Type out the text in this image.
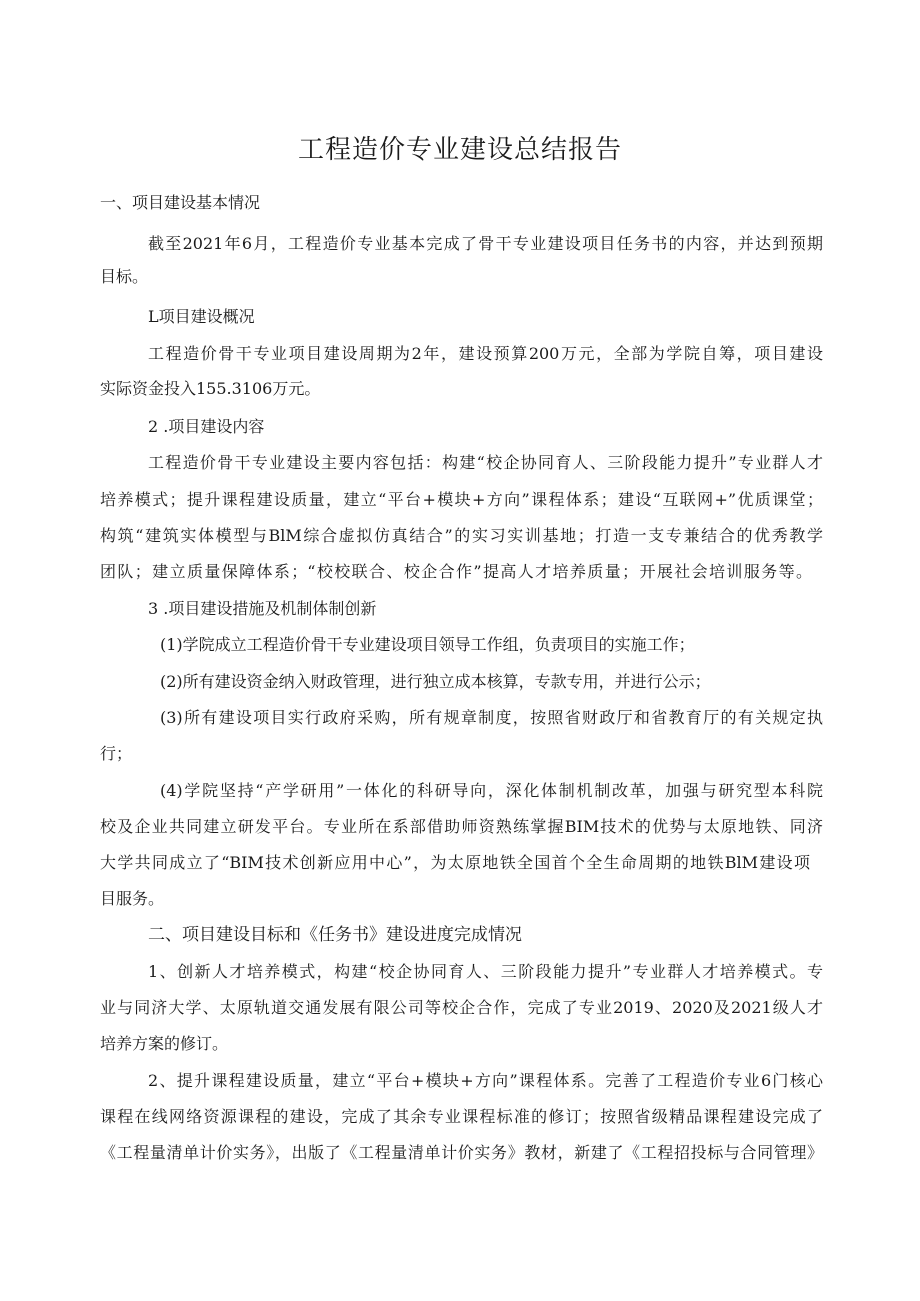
工程造价专业建设总结报告
一、项目建设基本情况
截至2021年6月，工程造价专业基本完成了骨干专业建设项目任务书的内容，并达到预期
目标。
L项目建设概况
工程造价骨干专业项目建设周期为2年，建设预算200万元，全部为学院自筹，项目建设
实际资金投入155.3106万元。
2 .项目建设内容
工程造价骨干专业建设主要内容包括：构建“校企协同育人、三阶段能力提升”专业群人才
培养模式；提升课程建设质量，建立“平台+模块+方向”课程体系；建设“互联网+”优质课堂；
构筑“建筑实体模型与BlM综合虚拟仿真结合”的实习实训基地；打造一支专兼结合的优秀教学
团队；建立质量保障体系；“校校联合、校企合作”提高人才培养质量；开展社会培训服务等。
3 .项目建设措施及机制体制创新
(1)学院成立工程造价骨干专业建设项目领导工作组，负责项目的实施工作；
(2)所有建设资金纳入财政管理，进行独立成本核算，专款专用，并进行公示；
(3)所有建设项目实行政府采购，所有规章制度，按照省财政厅和省教育厅的有关规定执
行；
(4)学院坚持“产学研用”一体化的科研导向，深化体制机制改革，加强与研究型本科院
校及企业共同建立研发平台。专业所在系部借助师资熟练掌握BIM技术的优势与太原地铁、同济
大学共同成立了“BIM技术创新应用中心”，为太原地铁全国首个全生命周期的地铁BlM建设项
目服务。
二、项目建设目标和《任务书》建设进度完成情况
1、创新人才培养模式，构建“校企协同育人、三阶段能力提升”专业群人才培养模式。专
业与同济大学、太原轨道交通发展有限公司等校企合作，完成了专业2019、2020及2021级人才
培养方案的修订。
2、提升课程建设质量，建立“平台+模块+方向”课程体系。完善了工程造价专业6门核心
课程在线网络资源课程的建设，完成了其余专业课程标准的修订；按照省级精品课程建设完成了
《工程量清单计价实务》，出版了《工程量清单计价实务》教材，新建了《工程招投标与合同管理》
